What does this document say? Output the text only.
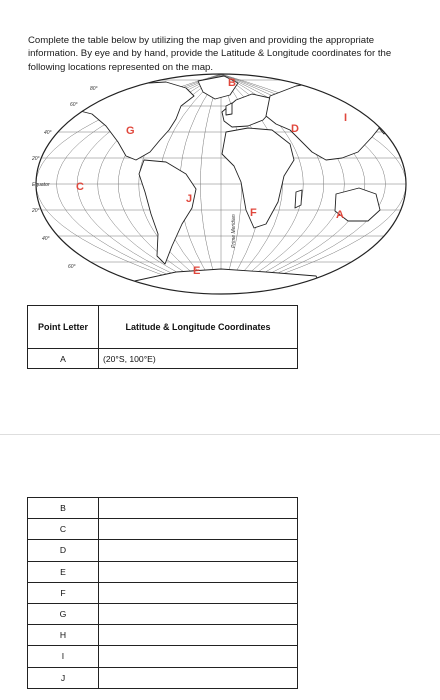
Complete the table below by utilizing the map given and providing the appropriate information. By eye and by hand, provide the Latitude & Longitude coordinates for the following locations represented on the map.

60°
40°
20°
Equator
20°
40°
60°
80°
Prime Meridian
B
G	D
I
C
J
F	A
E
Point Letter	Latitude & Longitude Coordinates
A	(20°S, 100°E)
B	
C	
D	
E	
F	
G	
H	
I	
J	
